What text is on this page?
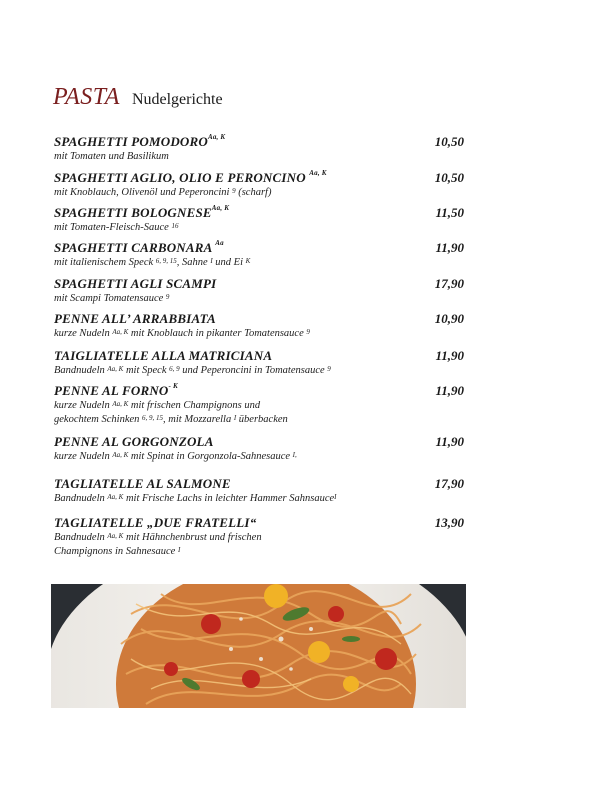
PASTA Nudelgerichte
SPAGHETTI $POMODORO^{Aa, K}$	10,50
mit Tomaten und Basilikum
SPAGHETTI AGLIO, OLIO E PERONCINO $^{Aa, K}$	10,50
mit Knoblauch, Olivenöl und Peperoncini $^9$ (scharf)
SPAGHETTI $BOLOGNESE^{Aa, K}$	11,50
mit Tomaten-Fleisch-Sauce $^{16}$
SPAGHETTI CARBONARA $^{Aa}$	11,90
mit italienischem Speck $^{6, 9, 15}$, Sahne $^I$ und Ei $^K$
SPAGHETTI AGLI SCAMPI	17,90
mit Scampi Tomatensauce $^9$
PENNE ALL’ ARRABBIATA	10,90
kurze Nudeln $^{Aa, K}$ mit Knoblauch in pikanter Tomatensauce $^9$
TAIGLIATELLE ALLA MATRICIANA	11,90
Bandnudeln $^{Aa, K}$ mit Speck $^{6, 9}$ und Peperoncini in Tomatensauce $^9$
PENNE AL $FORNO^{- K}$	11,90
kurze Nudeln $^{Aa, K}$ mit frischen Champignons und
gekochtem Schinken $^{6, 9, 15}$, mit Mozzarella $^I$ überbacken
PENNE AL GORGONZOLA	11,90
kurze Nudeln $^{Aa, K}$ mit Spinat in Gorgonzola-Sahnesauce $^{I,}$
TAGLIATELLE AL SALMONE	17,90
Bandnudeln $^{Aa, K}$ mit Frische Lachs in leichter Hammer Sahnsauce$^I$
TAGLIATELLE „DUE FRATELLI“	13,90
Bandnudeln $^{Aa, K}$ mit Hähnchenbrust und frischen
Champignons in Sahnesauce $^I$
